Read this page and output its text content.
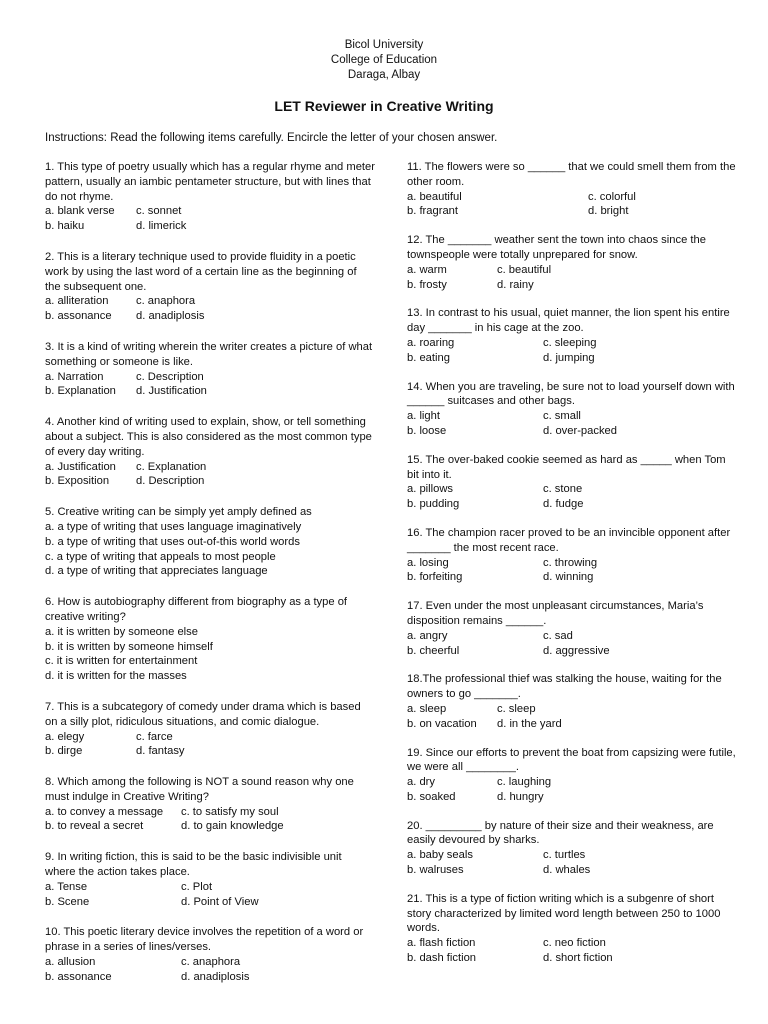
Bicol University
College of Education
Daraga, Albay
LET Reviewer in Creative Writing
Instructions: Read the following items carefully. Encircle the letter of your chosen answer.
1. This type of poetry usually which has a regular rhyme and meter pattern, usually an iambic pentameter structure, but with lines that do not rhyme.
a. blank verse	c. sonnet
b. haiku	d. limerick
2. This is a literary technique used to provide fluidity in a poetic work by using the last word of a certain line as the beginning of the subsequent one.
a. alliteration	c. anaphora
b. assonance	d. anadiplosis
3. It is a kind of writing wherein the writer creates a picture of what something or someone is like.
a. Narration	c. Description
b. Explanation	d. Justification
4. Another kind of writing used to explain, show, or tell something about a subject. This is also considered as the most common type of every day writing.
a. Justification	c. Explanation
b. Exposition	d. Description
5. Creative writing can be simply yet amply defined as
a. a type of writing that uses language imaginatively
b. a type of writing that uses out-of-this world words
c. a type of writing that appeals to most people
d. a type of writing that appreciates language
6. How is autobiography different from biography as a type of creative writing?
a. it is written by someone else
b. it is written by someone himself
c. it is written for entertainment
d. it is written for the masses
7. This is a subcategory of comedy under drama which is based on a silly plot, ridiculous situations, and comic dialogue.
a. elegy	c. farce
b. dirge	d. fantasy
8. Which among the following is NOT a sound reason why one must indulge in Creative Writing?
a. to convey a message	c. to satisfy my soul
b. to reveal a secret	d. to gain knowledge
9. In writing fiction, this is said to be the basic indivisible unit where the action takes place.
a. Tense	c. Plot
b. Scene	d. Point of View
10. This poetic literary device involves the repetition of a word or phrase in a series of lines/verses.
a. allusion	c. anaphora
b. assonance	d. anadiplosis
11. The flowers were so ______ that we could smell them from the other room.
a. beautiful	c. colorful
b. fragrant	d. bright
12. The _______ weather sent the town into chaos since the townspeople were totally unprepared for snow.
a. warm	c. beautiful
b. frosty	d. rainy
13. In contrast to his usual, quiet manner, the lion spent his entire day _______ in his cage at the zoo.
a. roaring	c. sleeping
b. eating	d. jumping
14. When you are traveling, be sure not to load yourself down with ______ suitcases and other bags.
a. light	c. small
b. loose	d. over-packed
15. The over-baked cookie seemed as hard as _____ when Tom bit into it.
a. pillows	c. stone
b. pudding	d. fudge
16. The champion racer proved to be an invincible opponent after _______ the most recent race.
a. losing	c. throwing
b. forfeiting	d. winning
17. Even under the most unpleasant circumstances, Maria’s disposition remains ______.
a. angry	c. sad
b. cheerful	d. aggressive
18.The professional thief was stalking the house, waiting for the owners to go _______.
a. sleep	c. sleep
b. on vacation	d. in the yard
19. Since our efforts to prevent the boat from capsizing were futile, we were all ________.
a. dry	c. laughing
b. soaked	d. hungry
20. _________ by nature of their size and their weakness, are easily devoured by sharks.
a. baby seals	c. turtles
b. walruses	d. whales
21. This is a type of fiction writing which is a subgenre of short story characterized by limited word length between 250 to 1000 words.
a. flash fiction	c. neo fiction
b. dash fiction	d. short fiction
